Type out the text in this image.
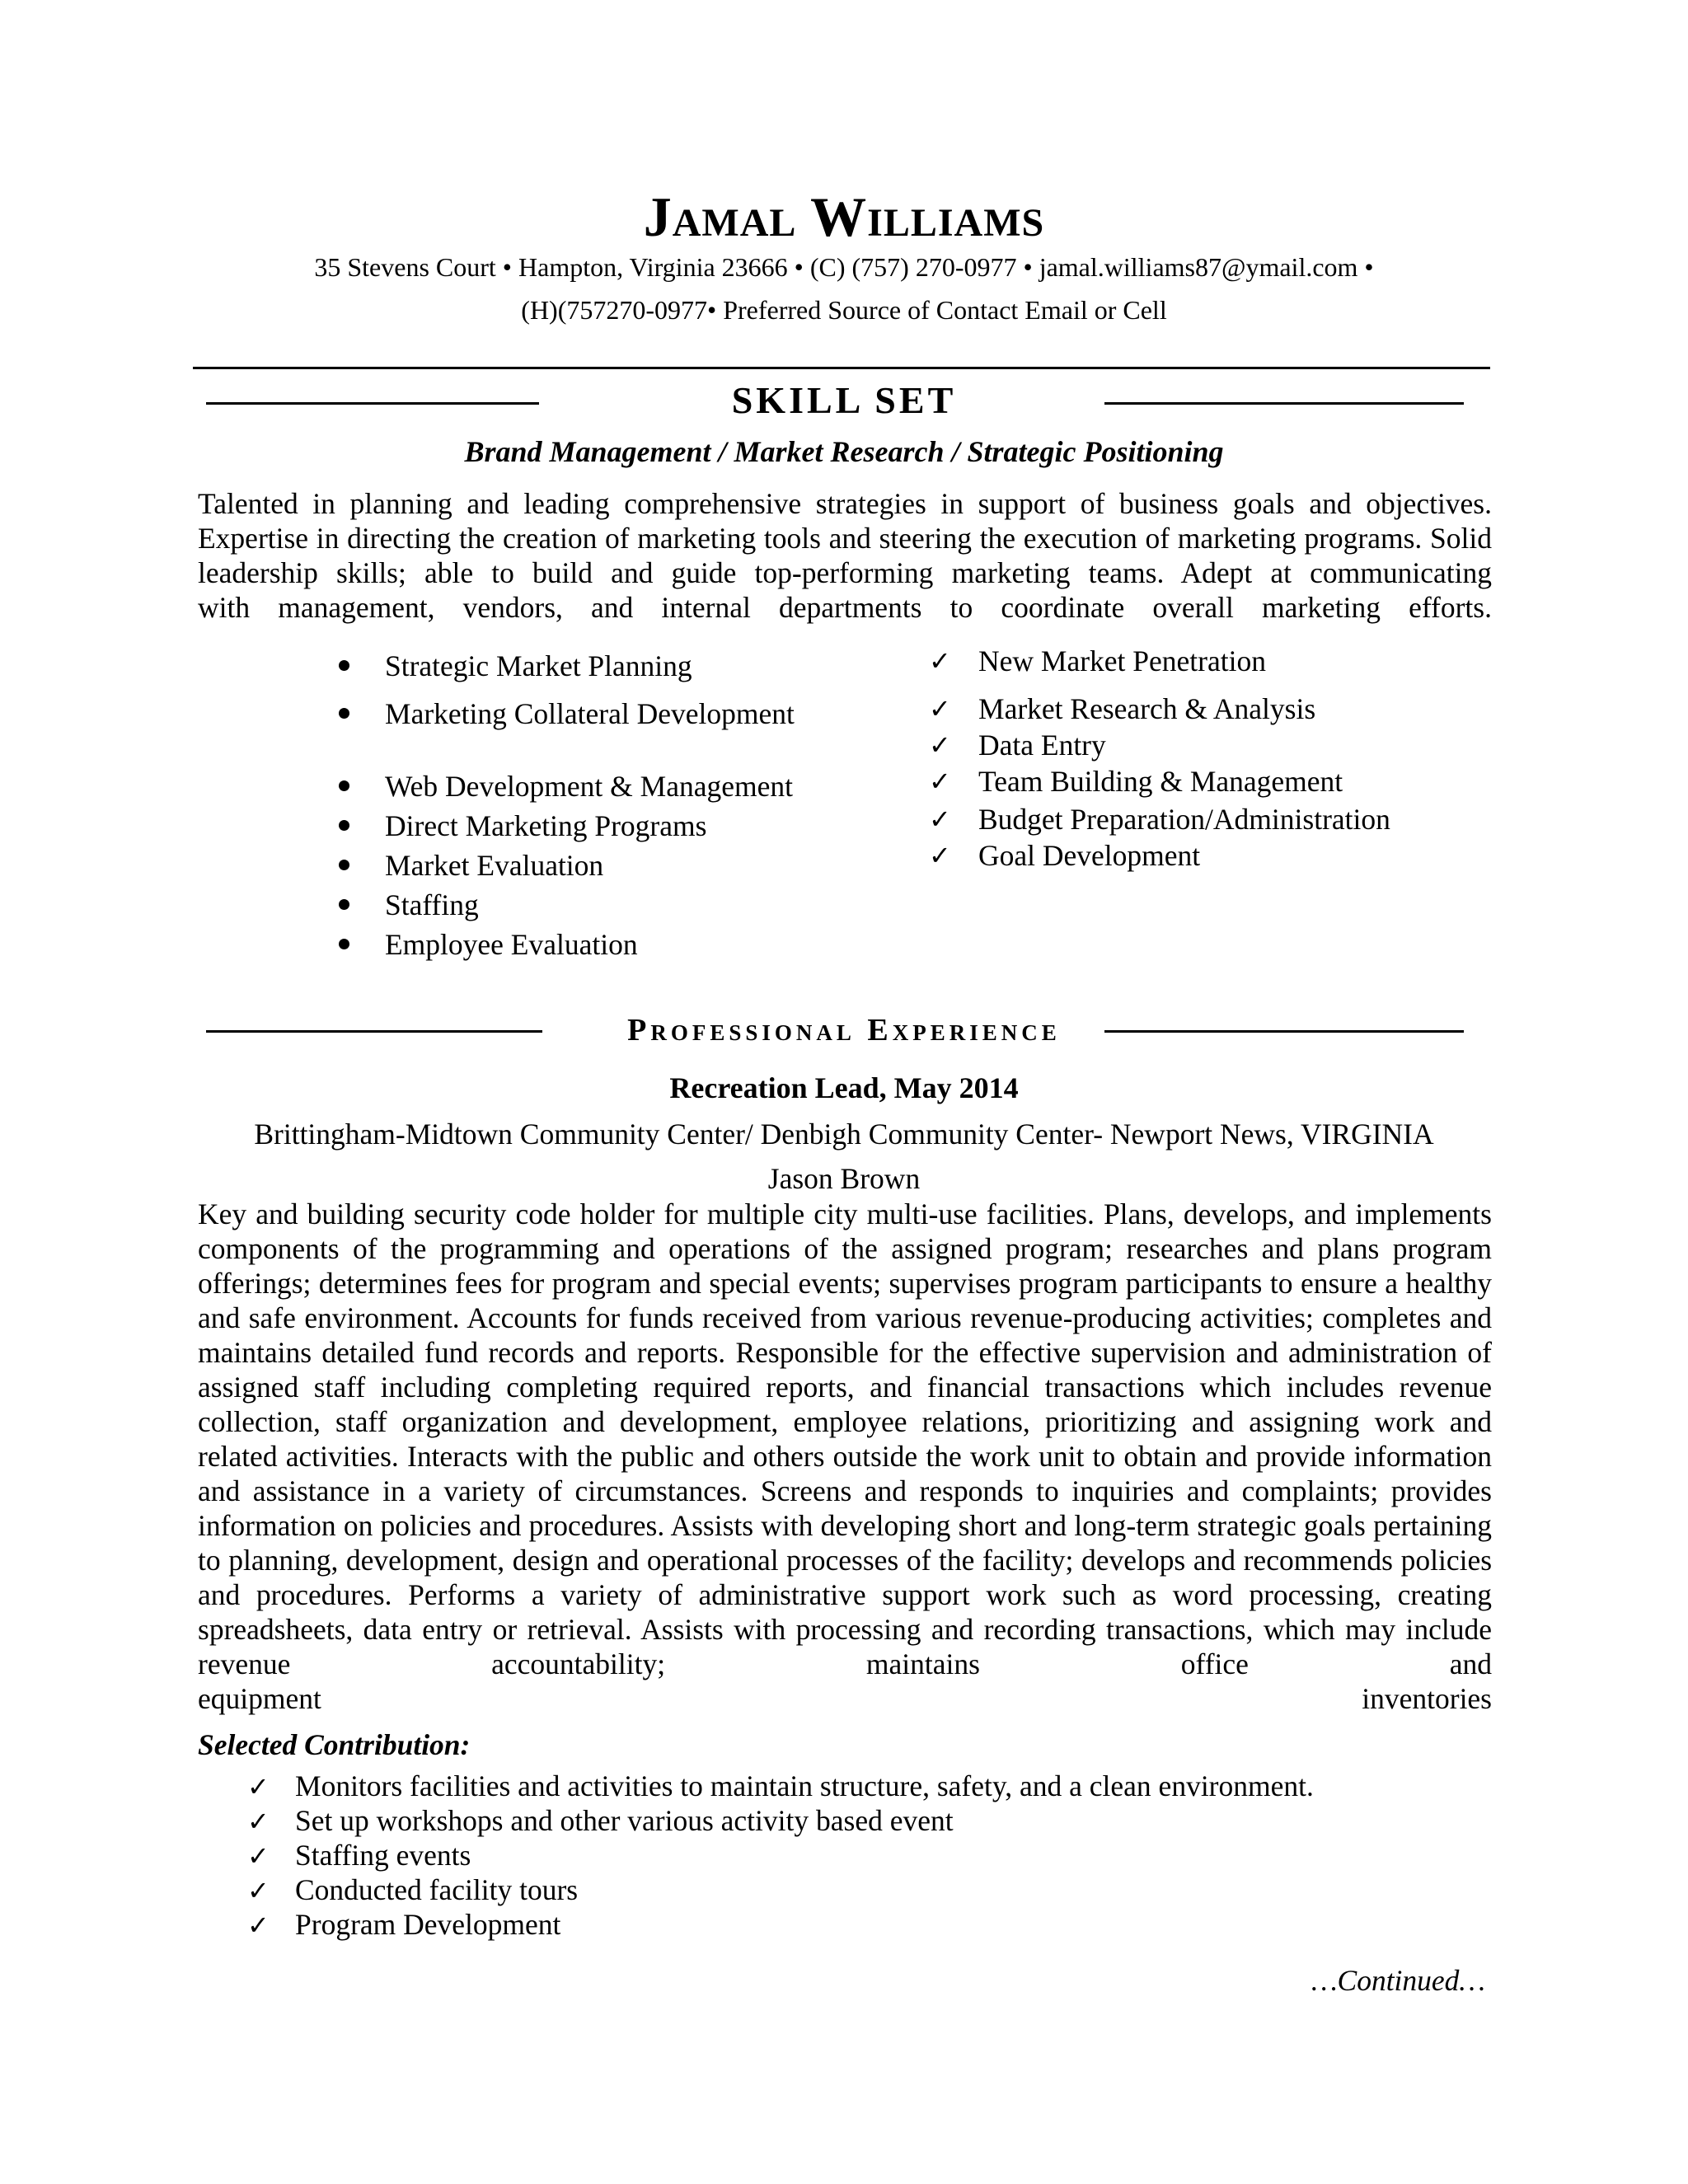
Jamal Williams
35 Stevens Court • Hampton, Virginia 23666 • (C) (757) 270-0977 • jamal.williams87@ymail.com •
(H)(757270-0977• Preferred Source of Contact Email or Cell
SKILL SET
Brand Management / Market Research / Strategic Positioning
Talented in planning and leading comprehensive strategies in support of business goals and objectives. Expertise in directing the creation of marketing tools and steering the execution of marketing programs. Solid leadership skills; able to build and guide top-performing marketing teams. Adept at communicating
with management, vendors, and internal departments to coordinate overall marketing efforts.
Strategic Market Planning
Marketing Collateral Development
Web Development & Management
Direct Marketing Programs
Market Evaluation
Staffing
Employee Evaluation
✓ New Market Penetration
✓ Market Research & Analysis
✓ Data Entry
✓ Team Building & Management
✓ Budget Preparation/Administration
✓ Goal Development
Professional Experience
Recreation Lead, May 2014
Brittingham-Midtown Community Center/ Denbigh Community Center- Newport News, VIRGINIA
Jason Brown
Key and building security code holder for multiple city multi-use facilities. Plans, develops, and implements components of the programming and operations of the assigned program; researches and plans program offerings; determines fees for program and special events; supervises program participants to ensure a healthy and safe environment. Accounts for funds received from various revenue-producing activities; completes and maintains detailed fund records and reports. Responsible for the effective supervision and administration of assigned staff including completing required reports, and financial transactions which includes revenue collection, staff organization and development, employee relations, prioritizing and assigning work and related activities. Interacts with the public and others outside the work unit to obtain and provide information and assistance in a variety of circumstances. Screens and responds to inquiries and complaints; provides information on policies and procedures. Assists with developing short and long-term strategic goals pertaining to planning, development, design and operational processes of the facility; develops and recommends policies and procedures. Performs a variety of administrative support work such as word processing, creating spreadsheets, data entry or retrieval. Assists with processing and recording transactions, which may include revenue accountability; maintains office and
equipment inventories
Selected Contribution:
✓ Monitors facilities and activities to maintain structure, safety, and a clean environment.
✓ Set up workshops and other various activity based event
✓ Staffing events
✓ Conducted facility tours
✓ Program Development
…Continued…
